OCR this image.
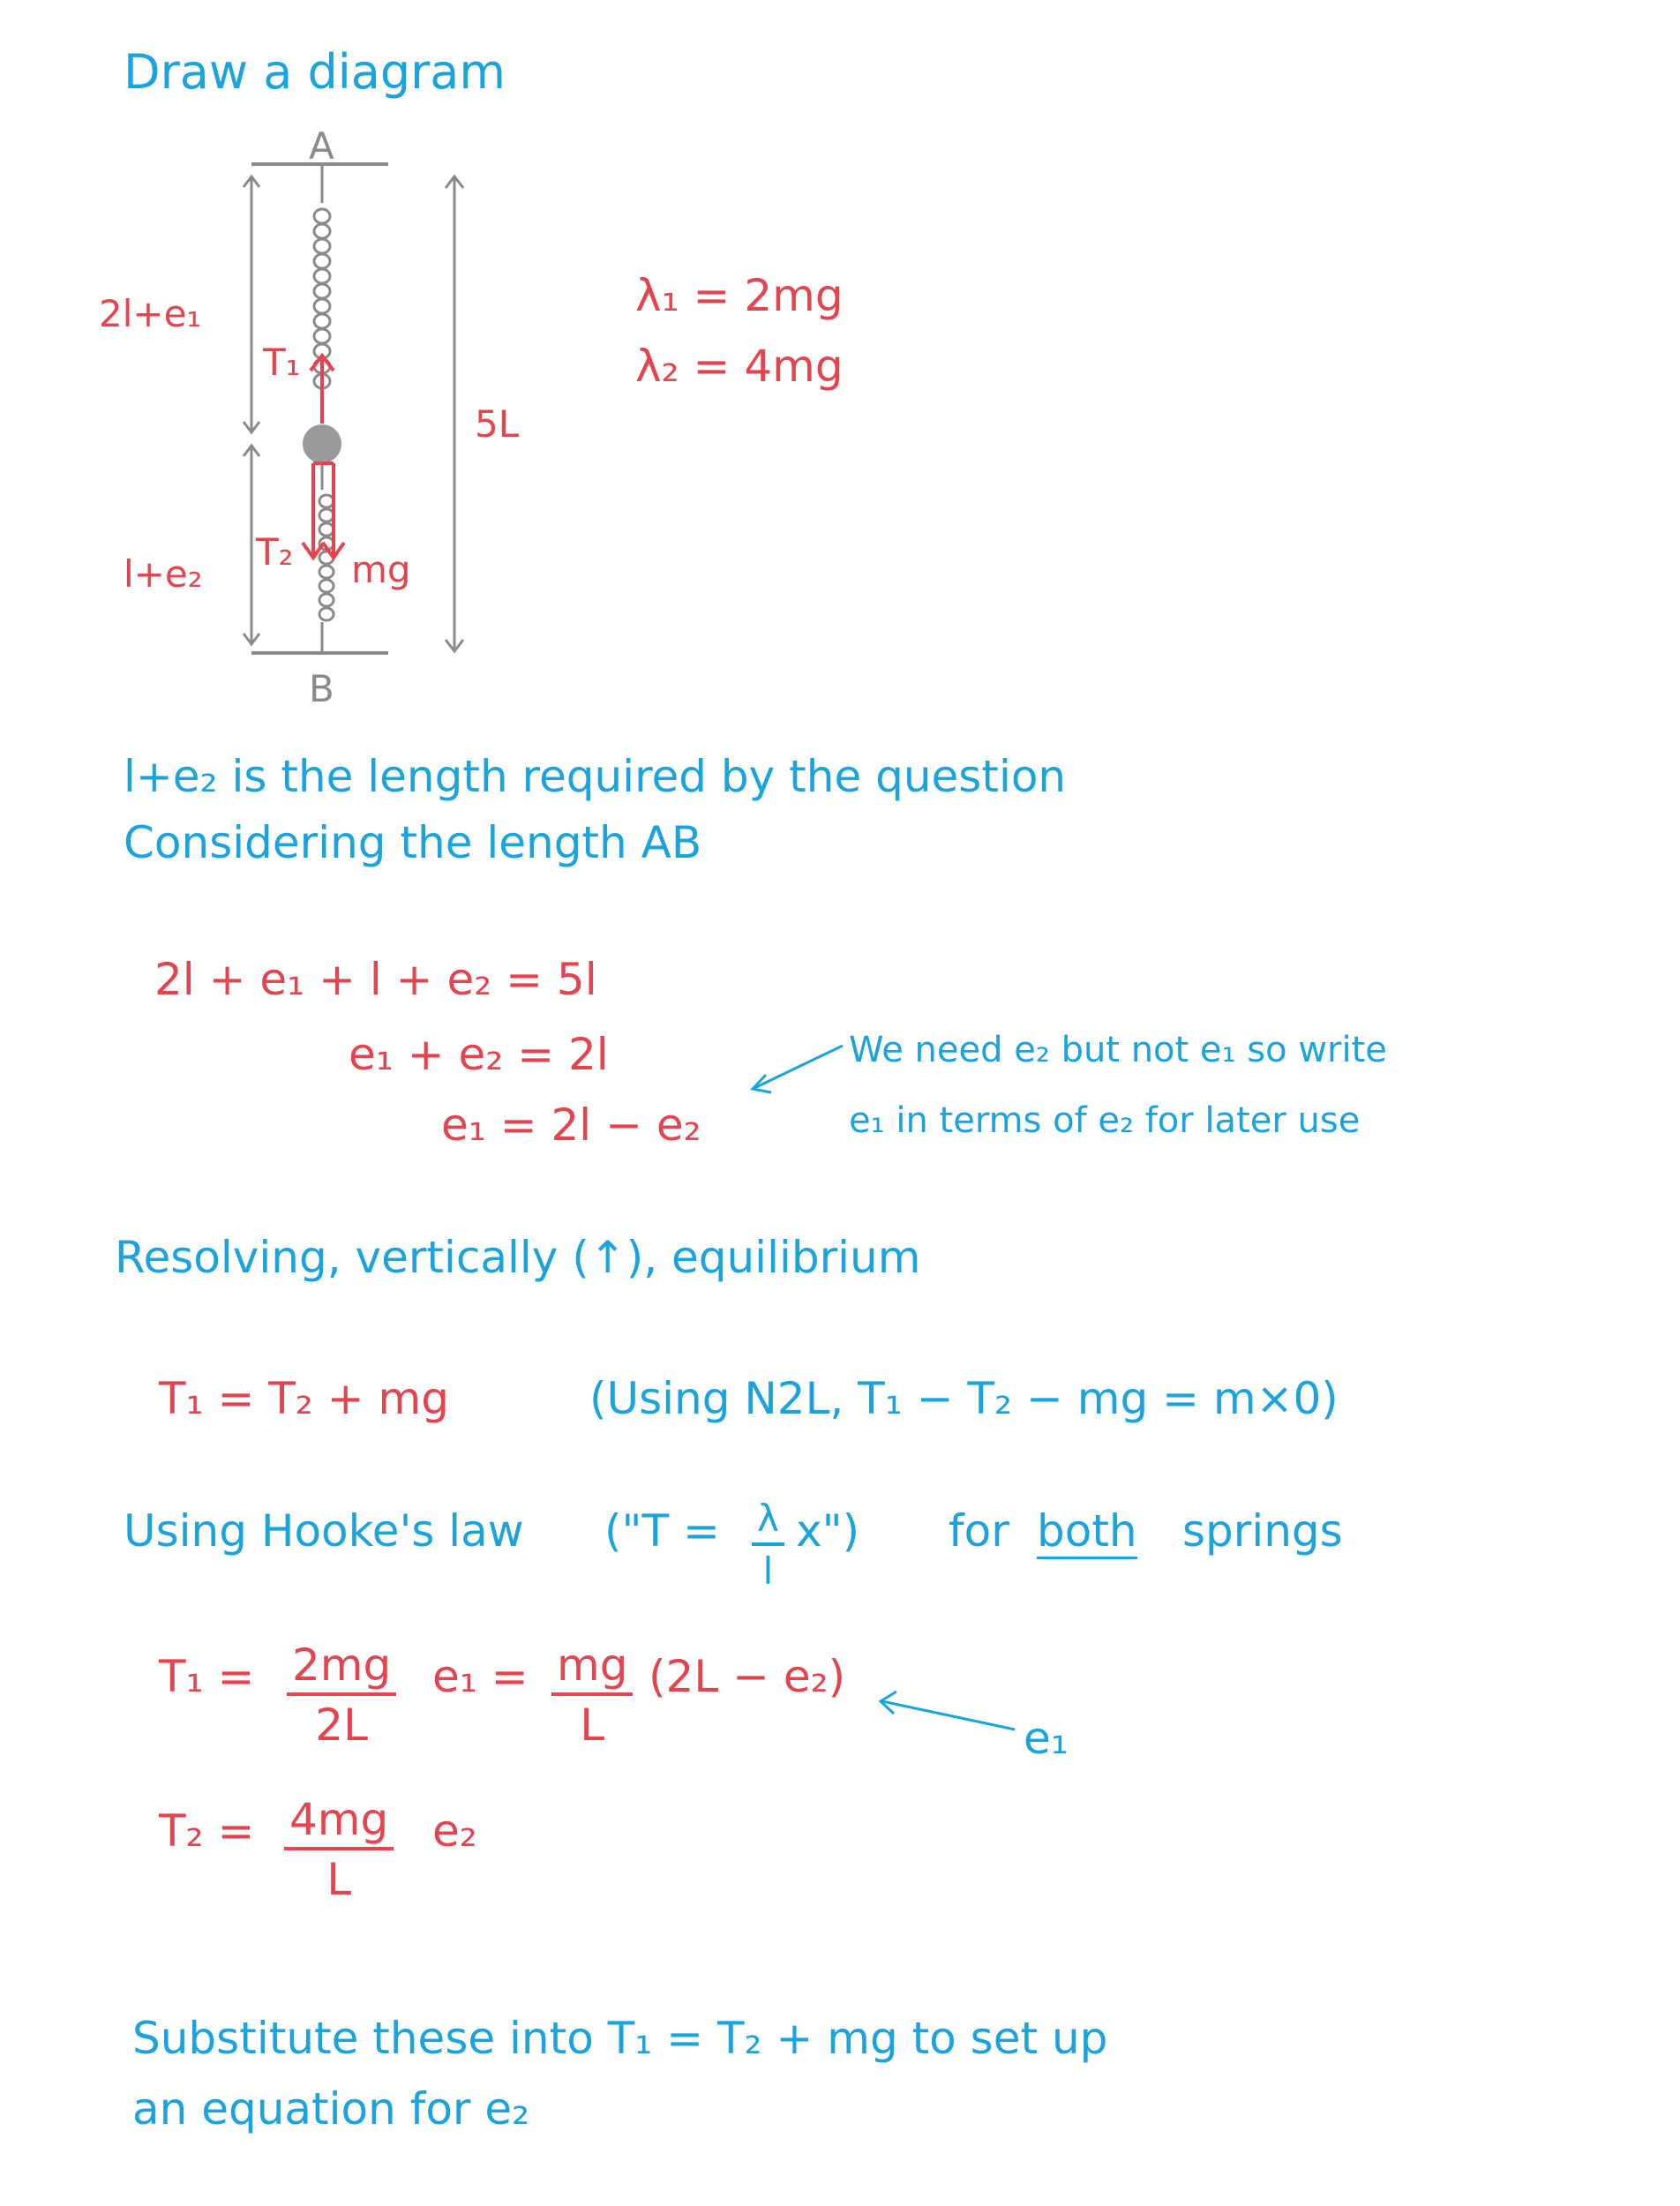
Draw a diagram
A
B
2l+e₁
l+e₂
5L
T₁
T₂ mg
λ₁ = 2mg
λ₂ = 4mg
l+e₂ is the length required by the question
Considering the length AB
2l + e₁ + l + e₂ = 5l
e₁ + e₂ = 2l
e₁ = 2l − e₂
We need e₂ but not e₁ so write
e₁ in terms of e₂ for later use
Resolving, vertically (↑), equilibrium
T₁ = T₂ + mg	(Using N2L, T₁ − T₂ − mg = m×0)
Using Hooke's law ("T = $\frac{\lambda}{l}$ x") for both springs
$T_1 = \frac{2mg}{2L} e_1 = \frac{mg}{L} (2L - e_2)$
e₁
$T_2 = \frac{4mg}{L} e_2$
Substitute these into T₁ = T₂ + mg to set up
an equation for e₂
